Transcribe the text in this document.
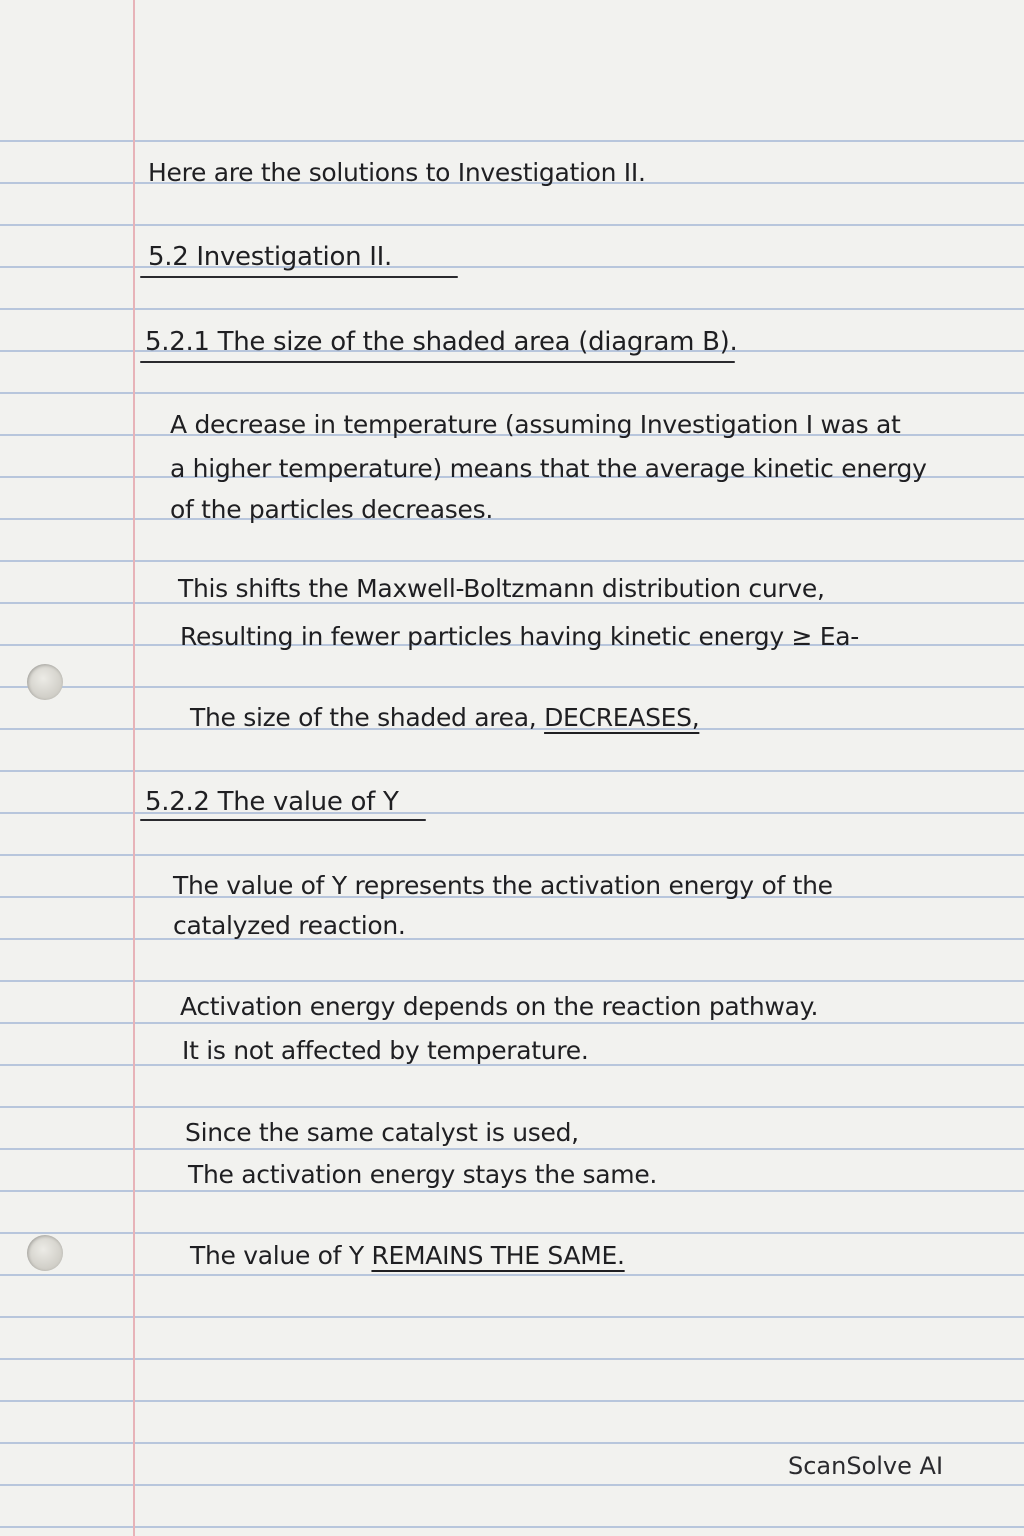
Here are the solutions to Investigation II.
5.2 Investigation II.
5.2.1 The size of the shaded area (diagram B).
A decrease in temperature (assuming Investigation I was at
a higher temperature) means that the average kinetic energy
of the particles decreases.
This shifts the Maxwell-Boltzmann distribution curve,
Resulting in fewer particles having kinetic energy ≥ Ea-
The size of the shaded area, DECREASES,
5.2.2 The value of Y
The value of Y represents the activation energy of the
catalyzed reaction.
Activation energy depends on the reaction pathway.
It is not affected by temperature.
Since the same catalyst is used,
The activation energy stays the same.
The value of Y REMAINS THE SAME.
ScanSolve AI
